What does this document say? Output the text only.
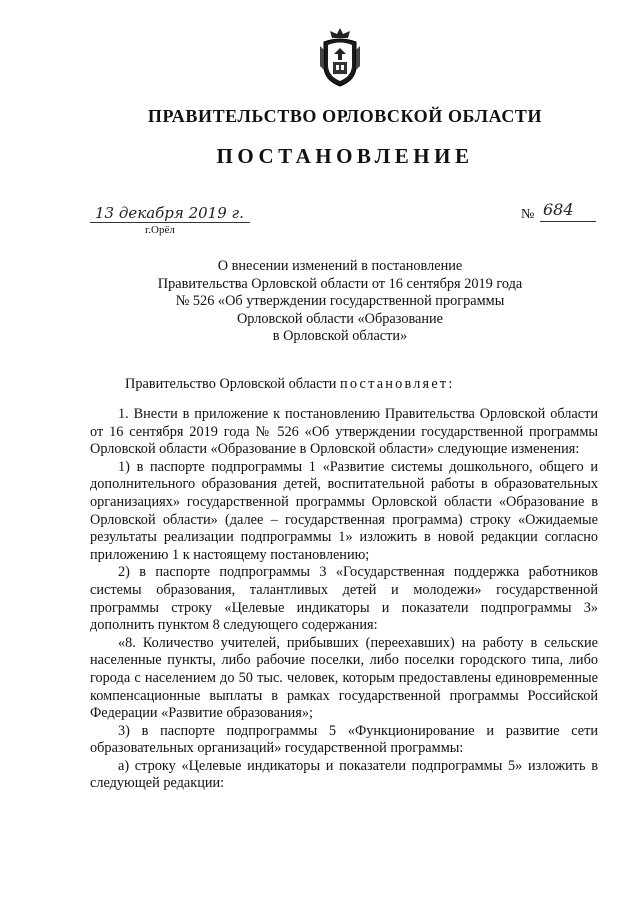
ПРАВИТЕЛЬСТВО ОРЛОВСКОЙ ОБЛАСТИ
ПОСТАНОВЛЕНИЕ
13 декабря 2019 г.
г.Орёл
№ 684
О внесении изменений в постановление
Правительства Орловской области от 16 сентября 2019 года
№ 526 «Об утверждении государственной программы
Орловской области «Образование
в Орловской области»
Правительство Орловской области постановляет:

1. Внести в приложение к постановлению Правительства Орловской области от 16 сентября 2019 года № 526 «Об утверждении государственной программы Орловской области «Образование в Орловской области» следующие изменения:

1) в паспорте подпрограммы 1 «Развитие системы дошкольного, общего и дополнительного образования детей, воспитательной работы в образовательных организациях» государственной программы Орловской области «Образование в Орловской области» (далее – государственная программа) строку «Ожидаемые результаты реализации подпрограммы 1» изложить в новой редакции согласно приложению 1 к настоящему постановлению;

2) в паспорте подпрограммы 3 «Государственная поддержка работников системы образования, талантливых детей и молодежи» государственной программы строку «Целевые индикаторы и показатели подпрограммы 3» дополнить пунктом 8 следующего содержания:

«8. Количество учителей, прибывших (переехавших) на работу в сельские населенные пункты, либо рабочие поселки, либо поселки городского типа, либо города с населением до 50 тыс. человек, которым предоставлены единовременные компенсационные выплаты в рамках государственной программы Российской Федерации «Развитие образования»;

3) в паспорте подпрограммы 5 «Функционирование и развитие сети образовательных организаций» государственной программы:

а) строку «Целевые индикаторы и показатели подпрограммы 5» изложить в следующей редакции:
